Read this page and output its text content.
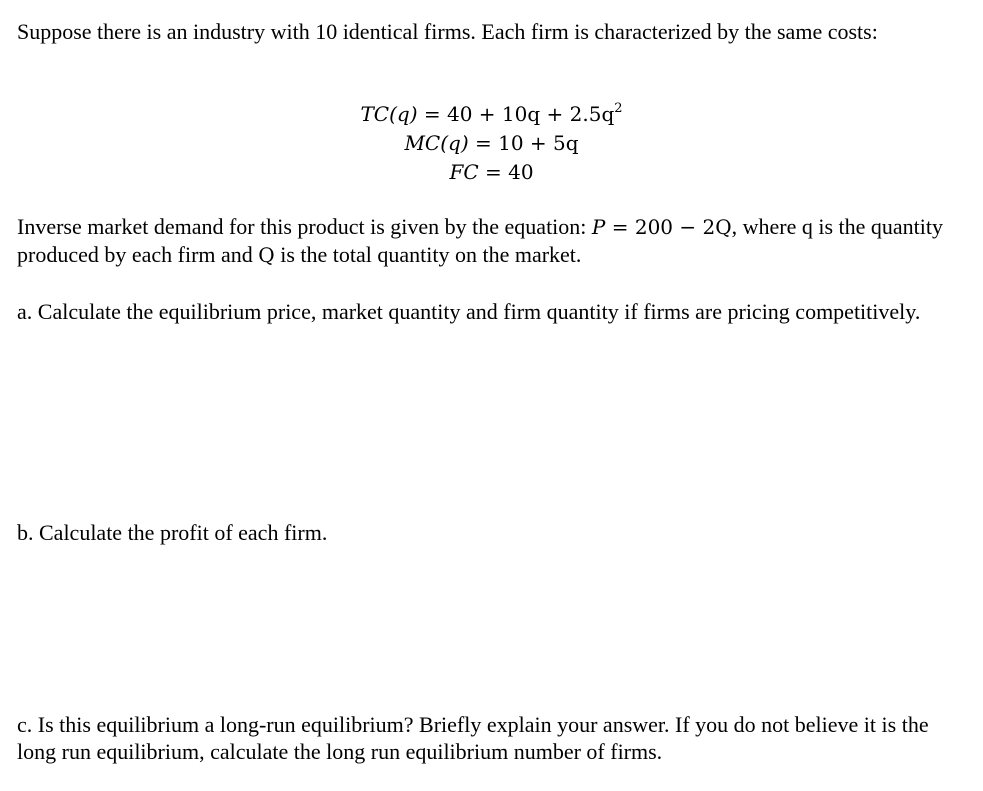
Suppose there is an industry with 10 identical firms. Each firm is characterized by the same costs:

$TC(q) = 40 + 10q + 2.5q^2$
MC(q) = 10 + 5q
FC = 40

Inverse market demand for this product is given by the equation: P = 200 − 2Q, where q is the quantity produced by each firm and Q is the total quantity on the market.

a. Calculate the equilibrium price, market quantity and firm quantity if firms are pricing competitively.

b. Calculate the profit of each firm.

c. Is this equilibrium a long-run equilibrium? Briefly explain your answer. If you do not believe it is the long run equilibrium, calculate the long run equilibrium number of firms.
